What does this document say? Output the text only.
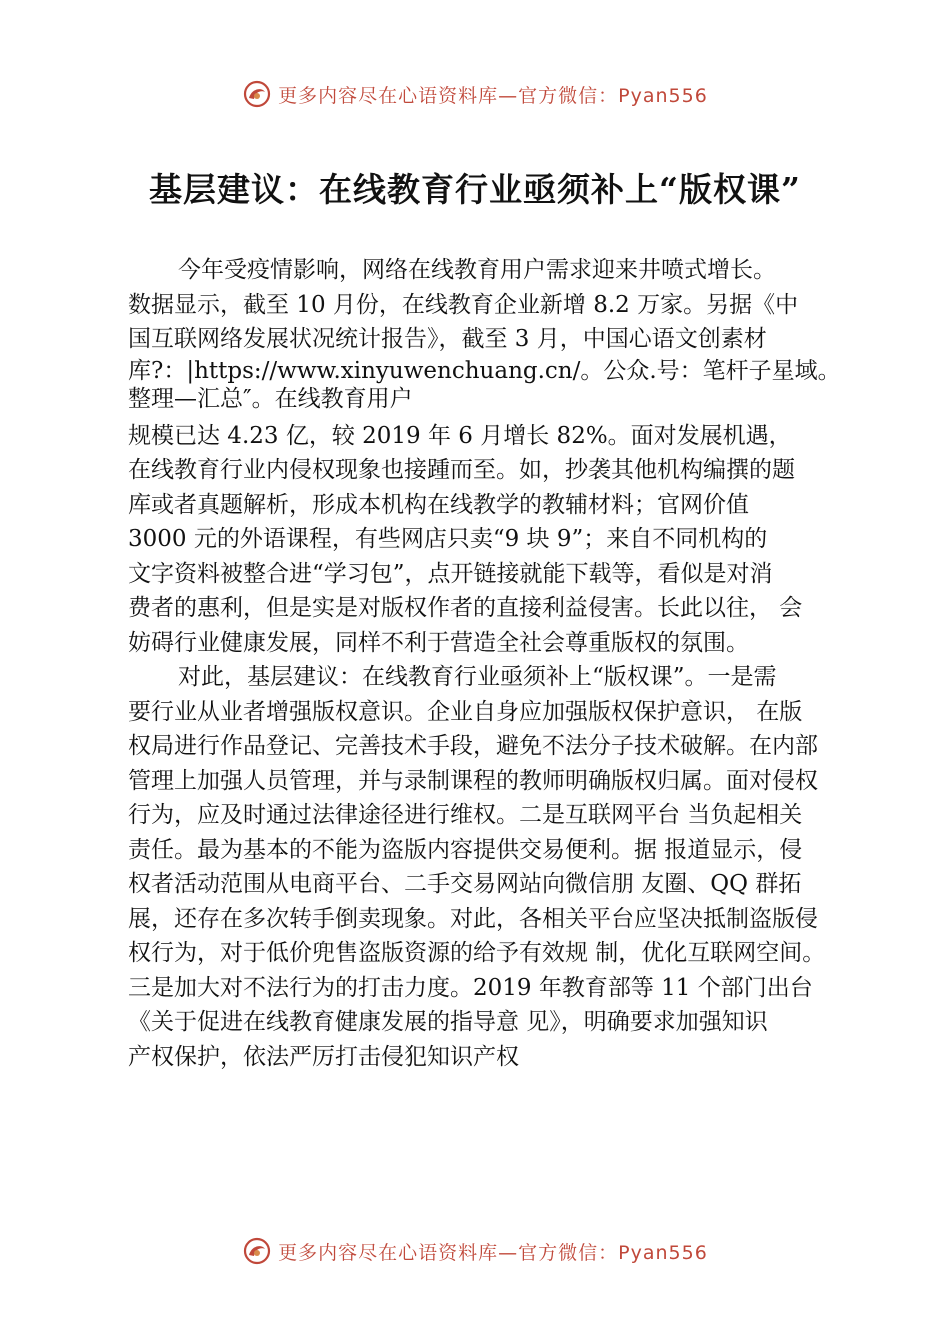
更多内容尽在心语资料库—官方微信：Pyan556
基层建议：在线教育行业亟须补上“版权课”

今年受疫情影响，网络在线教育用户需求迎来井喷式增长。

数据显示，截至 10 月份，在线教育企业新增 8.2 万家。另据《中

国互联网络发展状况统计报告》，截至 3 月，中国心语文创素材

库?：|https://www.xinyuwenchuang.cn/。公众.号：笔杆子星域。

整理—汇总″。在线教育用户

规模已达 4.23 亿，较 2019 年 6 月增长 82%。面对发展机遇，

在线教育行业内侵权现象也接踵而至。如，抄袭其他机构编撰的题

库或者真题解析，形成本机构在线教学的教辅材料；官网价值

3000 元的外语课程，有些网店只卖“9 块 9”；来自不同机构的

文字资料被整合进“学习包”，点开链接就能下载等，看似是对消

费者的惠利，但是实是对版权作者的直接利益侵害。长此以往， 会

妨碍行业健康发展，同样不利于营造全社会尊重版权的氛围。

对此，基层建议：在线教育行业亟须补上“版权课”。一是需

要行业从业者增强版权意识。企业自身应加强版权保护意识， 在版

权局进行作品登记、完善技术手段，避免不法分子技术破解。在内部

管理上加强人员管理，并与录制课程的教师明确版权归属。面对侵权

行为，应及时通过法律途径进行维权。二是互联网平台 当负起相关

责任。最为基本的不能为盗版内容提供交易便利。据 报道显示，侵

权者活动范围从电商平台、二手交易网站向微信朋 友圈、QQ 群拓

展，还存在多次转手倒卖现象。对此，各相关平台应坚决抵制盗版侵

权行为，对于低价兜售盗版资源的给予有效规 制，优化互联网空间。

三是加大对不法行为的打击力度。2019 年教育部等 11 个部门出台

《关于促进在线教育健康发展的指导意 见》，明确要求加强知识

产权保护，依法严厉打击侵犯知识产权

更多内容尽在心语资料库—官方微信：Pyan556
